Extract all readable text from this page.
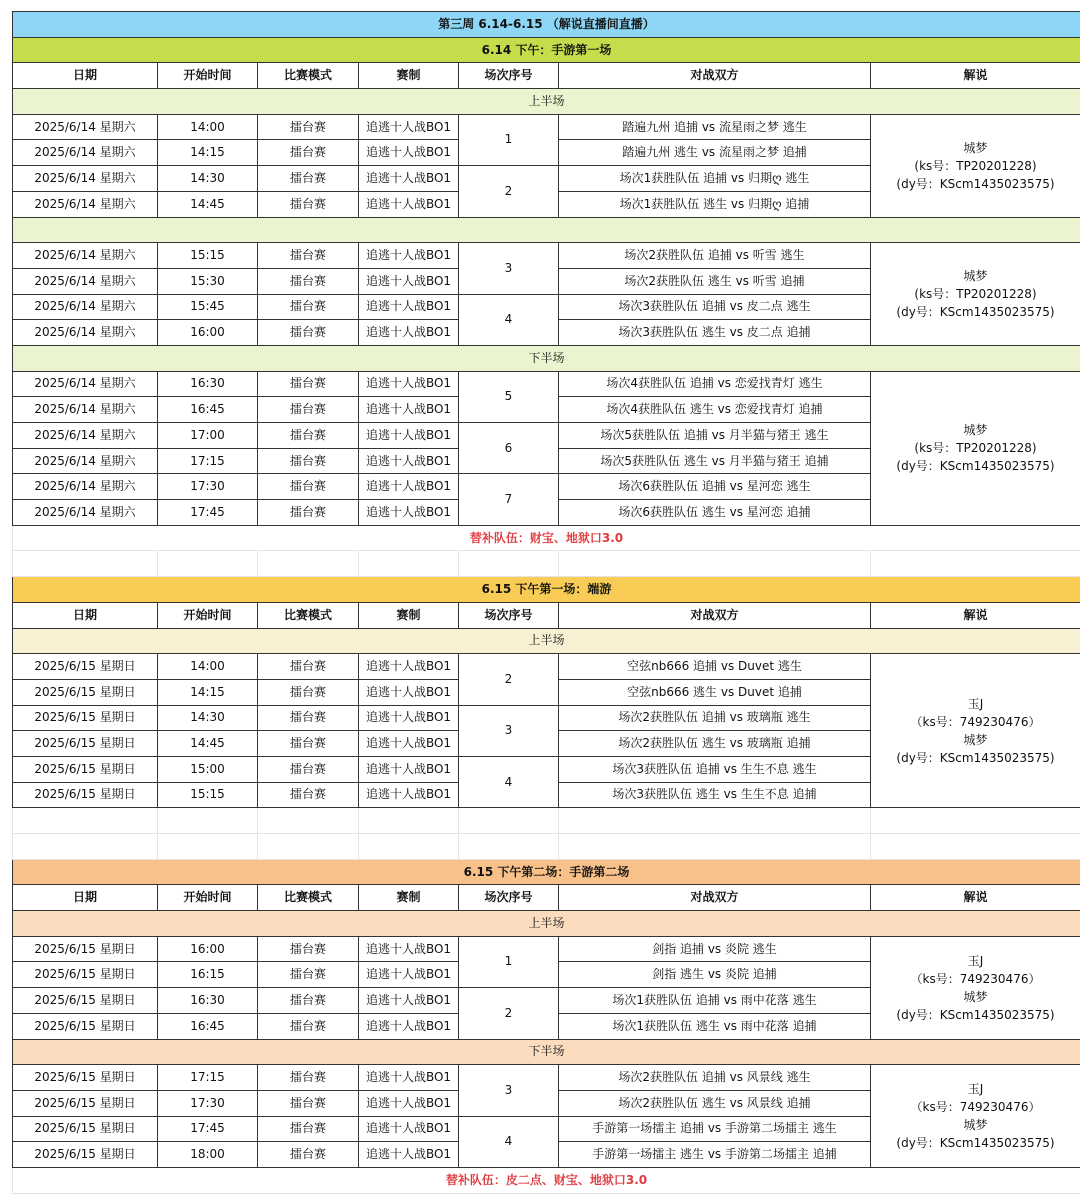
第三周 6.14-6.15 （解说直播间直播）						
6.14 下午：手游第一场						
日期	开始时间	比赛模式	赛制	场次序号	对战双方	解说
上半场						
2025/6/14 星期六	14:00	擂台赛	追逃十人战BO1	1	踏遍九州 追捕 vs 流星雨之梦 逃生	城梦
(ks号：TP20201228)
(dy号：KScm1435023575)

2025/6/14 星期六	14:15	擂台赛	追逃十人战BO1		踏遍九州 逃生 vs 流星雨之梦 追捕	
2025/6/14 星期六	14:30	擂台赛	追逃十人战BO1	2	场次1获胜队伍 追捕 vs 归期ღ 逃生	
2025/6/14 星期六	14:45	擂台赛	追逃十人战BO1		场次1获胜队伍 逃生 vs 归期ღ 追捕	

2025/6/14 星期六	15:15	擂台赛	追逃十人战BO1	3	场次2获胜队伍 追捕 vs 听雪 逃生	城梦
(ks号：TP20201228)
(dy号：KScm1435023575)

2025/6/14 星期六	15:30	擂台赛	追逃十人战BO1		场次2获胜队伍 逃生 vs 听雪 追捕	
2025/6/14 星期六	15:45	擂台赛	追逃十人战BO1	4	场次3获胜队伍 追捕 vs 皮二点 逃生	
2025/6/14 星期六	16:00	擂台赛	追逃十人战BO1		场次3获胜队伍 逃生 vs 皮二点 追捕	
下半场						
2025/6/14 星期六	16:30	擂台赛	追逃十人战BO1	5	场次4获胜队伍 追捕 vs 恋爱找青灯 逃生	城梦
(ks号：TP20201228)
(dy号：KScm1435023575)

2025/6/14 星期六	16:45	擂台赛	追逃十人战BO1		场次4获胜队伍 逃生 vs 恋爱找青灯 追捕	
2025/6/14 星期六	17:00	擂台赛	追逃十人战BO1	6	场次5获胜队伍 追捕 vs 月半猫与猪王 逃生	
2025/6/14 星期六	17:15	擂台赛	追逃十人战BO1		场次5获胜队伍 逃生 vs 月半猫与猪王 追捕	
2025/6/14 星期六	17:30	擂台赛	追逃十人战BO1	7	场次6获胜队伍 追捕 vs 星河恋 逃生	
2025/6/14 星期六	17:45	擂台赛	追逃十人战BO1		场次6获胜队伍 逃生 vs 星河恋 追捕	
替补队伍：财宝、地狱口3.0						

6.15 下午第一场：端游						
日期	开始时间	比赛模式	赛制	场次序号	对战双方	解说
上半场						
2025/6/15 星期日	14:00	擂台赛	追逃十人战BO1	2	空弦nb666 追捕 vs Duvet 逃生	玉J
（ks号：749230476）
城梦
(dy号：KScm1435023575)

2025/6/15 星期日	14:15	擂台赛	追逃十人战BO1		空弦nb666 逃生 vs Duvet 追捕	
2025/6/15 星期日	14:30	擂台赛	追逃十人战BO1	3	场次2获胜队伍 追捕 vs 玻璃瓶 逃生	
2025/6/15 星期日	14:45	擂台赛	追逃十人战BO1		场次2获胜队伍 逃生 vs 玻璃瓶 追捕	
2025/6/15 星期日	15:00	擂台赛	追逃十人战BO1	4	场次3获胜队伍 追捕 vs 生生不息 逃生	
2025/6/15 星期日	15:15	擂台赛	追逃十人战BO1		场次3获胜队伍 逃生 vs 生生不息 追捕	

6.15 下午第二场：手游第二场						
日期	开始时间	比赛模式	赛制	场次序号	对战双方	解说
上半场						
2025/6/15 星期日	16:00	擂台赛	追逃十人战BO1	1	剑指 追捕 vs 炎院 逃生	玉J
（ks号：749230476）
城梦
(dy号：KScm1435023575)

2025/6/15 星期日	16:15	擂台赛	追逃十人战BO1		剑指 逃生 vs 炎院 追捕	
2025/6/15 星期日	16:30	擂台赛	追逃十人战BO1	2	场次1获胜队伍 追捕 vs 雨中花落 逃生	
2025/6/15 星期日	16:45	擂台赛	追逃十人战BO1		场次1获胜队伍 逃生 vs 雨中花落 追捕	
下半场						
2025/6/15 星期日	17:15	擂台赛	追逃十人战BO1	3	场次2获胜队伍 追捕 vs 风景线 逃生	玉J
（ks号：749230476）
城梦
(dy号：KScm1435023575)

2025/6/15 星期日	17:30	擂台赛	追逃十人战BO1		场次2获胜队伍 逃生 vs 风景线 追捕	
2025/6/15 星期日	17:45	擂台赛	追逃十人战BO1	4	手游第一场擂主 追捕 vs 手游第二场擂主 逃生	
2025/6/15 星期日	18:00	擂台赛	追逃十人战BO1		手游第一场擂主 逃生 vs 手游第二场擂主 追捕	
替补队伍：皮二点、财宝、地狱口3.0						
